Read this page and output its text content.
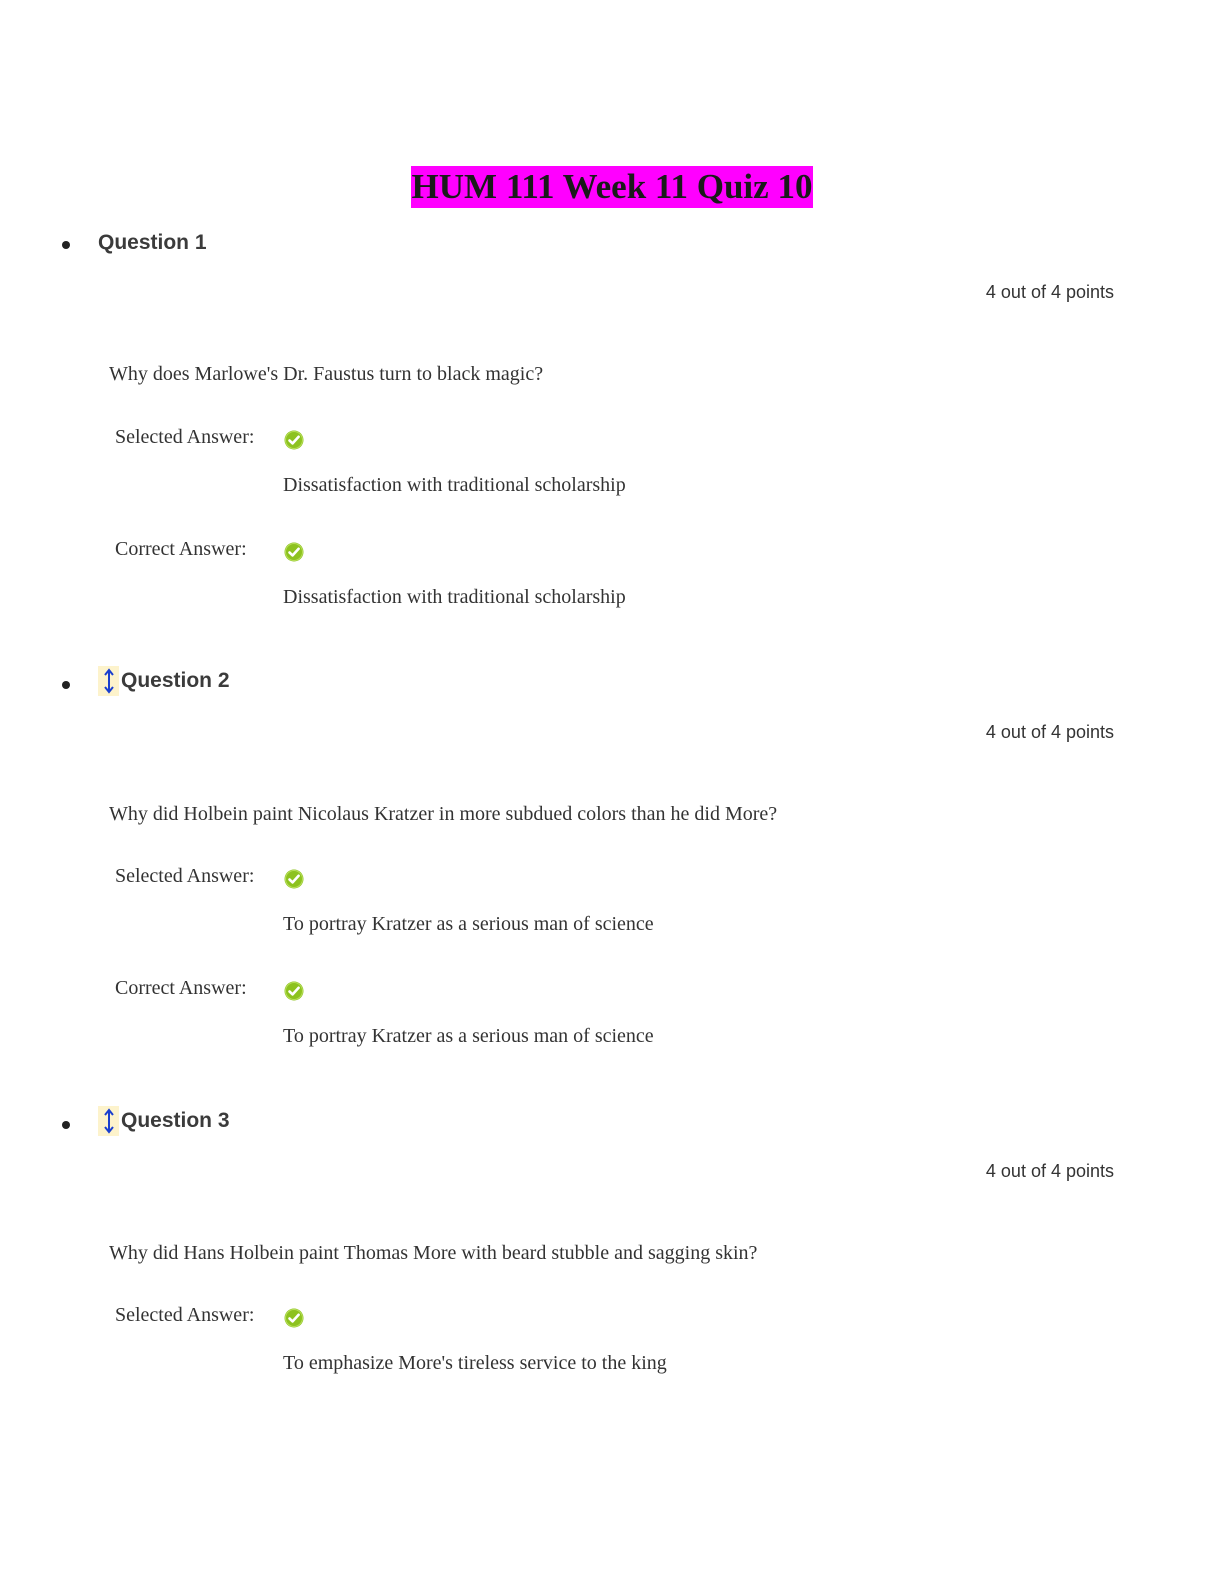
HUM 111 Week 11 Quiz 10
Question 1
4 out of 4 points
Why does Marlowe's Dr. Faustus turn to black magic?
Selected Answer:
Dissatisfaction with traditional scholarship
Correct Answer:
Dissatisfaction with traditional scholarship
Question 2
4 out of 4 points
Why did Holbein paint Nicolaus Kratzer in more subdued colors than he did More?
Selected Answer:
To portray Kratzer as a serious man of science
Correct Answer:
To portray Kratzer as a serious man of science
Question 3
4 out of 4 points
Why did Hans Holbein paint Thomas More with beard stubble and sagging skin?
Selected Answer:
To emphasize More's tireless service to the king
